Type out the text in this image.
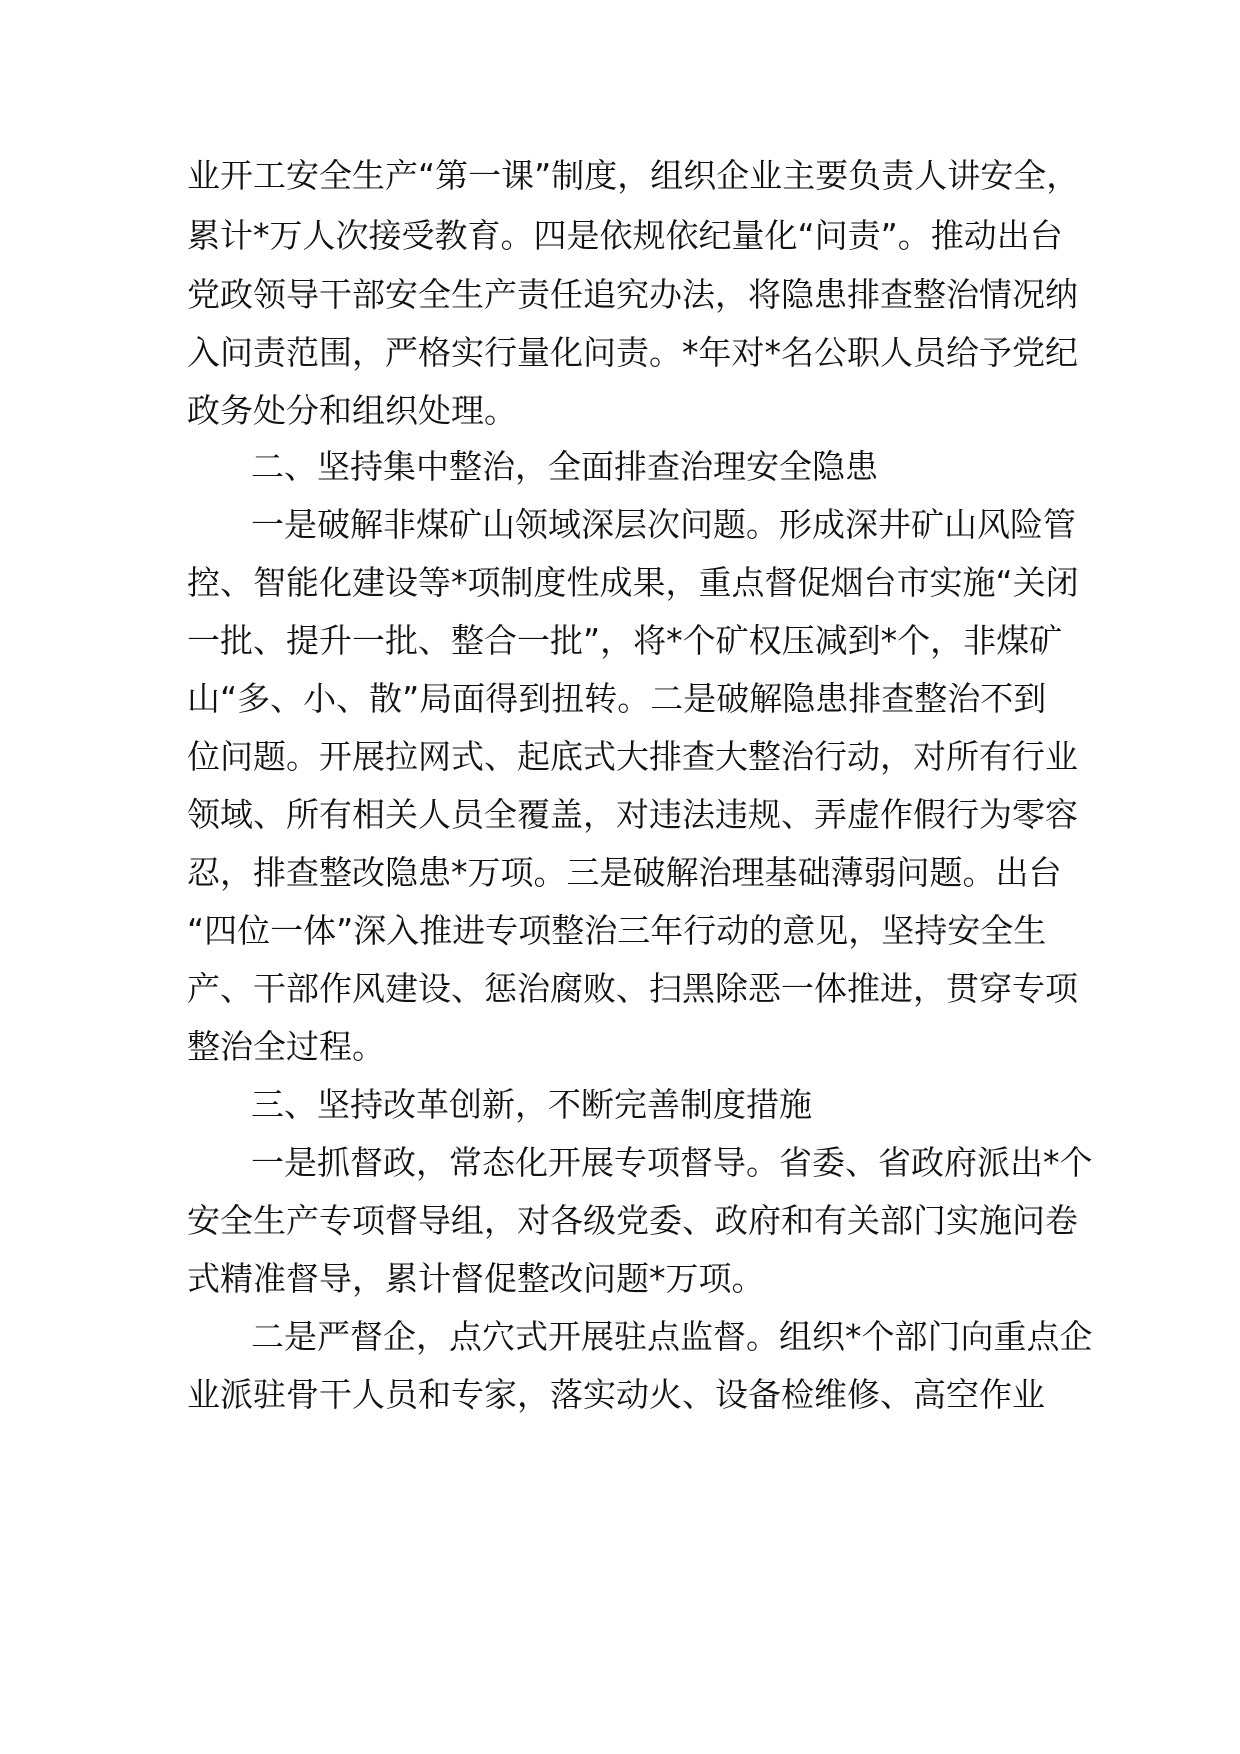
业开工安全生产“第一课”制度，组织企业主要负责人讲安全，
累计*万人次接受教育。四是依规依纪量化“问责”。推动出台
党政领导干部安全生产责任追究办法，将隐患排查整治情况纳
入问责范围，严格实行量化问责。*年对*名公职人员给予党纪
政务处分和组织处理。
二、坚持集中整治，全面排查治理安全隐患
一是破解非煤矿山领域深层次问题。形成深井矿山风险管
控、智能化建设等*项制度性成果，重点督促烟台市实施“关闭
一批、提升一批、整合一批”，将*个矿权压减到*个，非煤矿
山“多、小、散”局面得到扭转。二是破解隐患排查整治不到
位问题。开展拉网式、起底式大排查大整治行动，对所有行业
领域、所有相关人员全覆盖，对违法违规、弄虚作假行为零容
忍，排查整改隐患*万项。三是破解治理基础薄弱问题。出台
“四位一体”深入推进专项整治三年行动的意见，坚持安全生
产、干部作风建设、惩治腐败、扫黑除恶一体推进，贯穿专项
整治全过程。
三、坚持改革创新，不断完善制度措施
一是抓督政，常态化开展专项督导。省委、省政府派出*个
安全生产专项督导组，对各级党委、政府和有关部门实施问卷
式精准督导，累计督促整改问题*万项。
二是严督企，点穴式开展驻点监督。组织*个部门向重点企
业派驻骨干人员和专家，落实动火、设备检维修、高空作业
